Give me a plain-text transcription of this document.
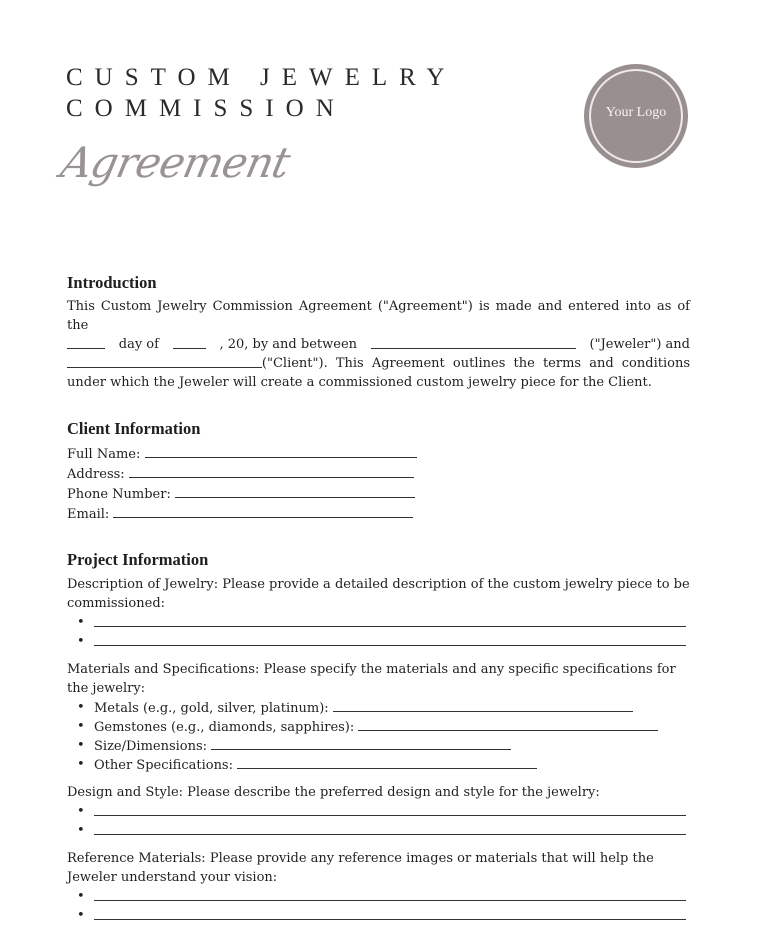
CUSTOM JEWELRY
COMMISSION
Agreement
Your Logo
Introduction

This Custom Jewelry Commission Agreement ("Agreement") is made and entered into as of the

day of	, 20, by and between	("Jeweler") and
("Client"). This Agreement outlines the terms and conditions

under which the Jeweler will create a commissioned custom jewelry piece for the Client.

Client Information
Full Name:
Address:
Phone Number:
Email:
Project Information

Description of Jewelry: Please provide a detailed description of the custom jewelry piece to be commissioned:

•
•

Materials and Specifications: Please specify the materials and any specific specifications for the jewelry:

• Metals (e.g., gold, silver, platinum):
• Gemstones (e.g., diamonds, sapphires):
• Size/Dimensions:
• Other Specifications:

Design and Style: Please describe the preferred design and style for the jewelry:

•
•

Reference Materials: Please provide any reference images or materials that will help the Jeweler understand your vision:

•
•
